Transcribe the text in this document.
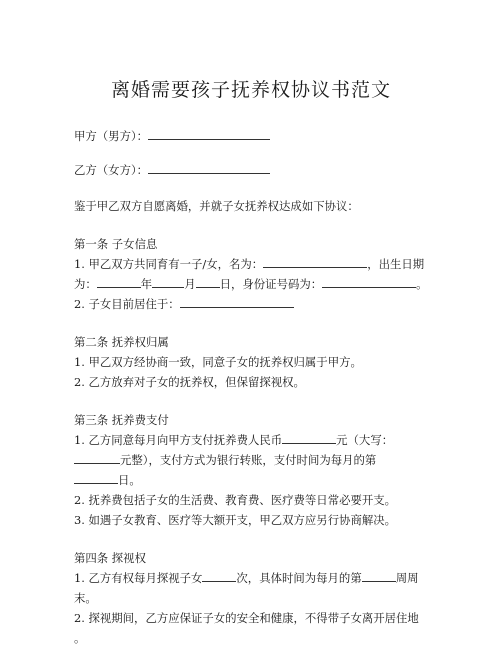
离婚需要孩子抚养权协议书范文
甲方（男方）：
乙方（女方）：
鉴于甲乙双方自愿离婚，并就子女抚养权达成如下协议：
第一条 子女信息
1. 甲乙双方共同育有一子/女，名为：	，出生日期
为：	年	月 日，身份证号码为：	。
2. 子女目前居住于：
第二条 抚养权归属
1. 甲乙双方经协商一致，同意子女的抚养权归属于甲方。
2. 乙方放弃对子女的抚养权，但保留探视权。
第三条 抚养费支付
1. 乙方同意每月向甲方支付抚养费人民币	元（大写：
元整），支付方式为银行转账，支付时间为每月的第
日。
2. 抚养费包括子女的生活费、教育费、医疗费等日常必要开支。
3. 如遇子女教育、医疗等大额开支，甲乙双方应另行协商解决。
第四条 探视权
1. 乙方有权每月探视子女	次，具体时间为每月的第	周周
末。
2. 探视期间，乙方应保证子女的安全和健康，不得带子女离开居住地
。
